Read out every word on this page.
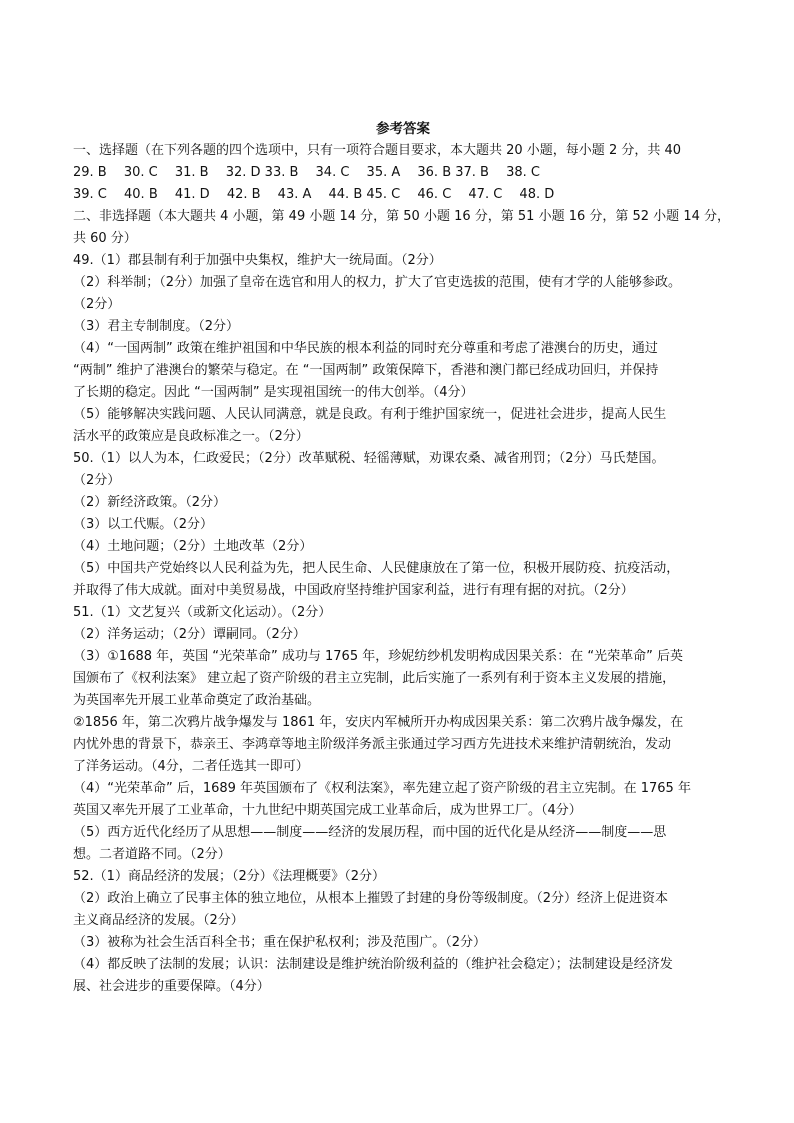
参考答案
一、选择题（在下列各题的四个选项中，只有一项符合题目要求，本大题共 20 小题，每小题 2 分，共 40
29. B　 30. C　 31. B　 32. D 33. B　 34. C　 35. A　 36. B 37. B　 38. C
39. C　 40. B　 41. D　 42. B　 43. A　 44. B 45. C　 46. C　 47. C　 48. D
二、非选择题（本大题共 4 小题，第 49 小题 14 分，第 50 小题 16 分，第 51 小题 16 分，第 52 小题 14 分，
共 60 分）
49.（1）郡县制有利于加强中央集权，维护大一统局面。（2分）
（2）科举制；（2分）加强了皇帝在选官和用人的权力，扩大了官吏选拔的范围，使有才学的人能够参政。
（2分）
（3）君主专制制度。（2分）
（4）“一国两制” 政策在维护祖国和中华民族的根本利益的同时充分尊重和考虑了港澳台的历史，通过
“两制” 维护了港澳台的繁荣与稳定。在 “一国两制” 政策保障下，香港和澳门都已经成功回归，并保持
了长期的稳定。因此 “一国两制” 是实现祖国统一的伟大创举。（4分）
（5）能够解决实践问题、人民认同满意，就是良政。有利于维护国家统一，促进社会进步，提高人民生
活水平的政策应是良政标准之一。（2分）
50.（1）以人为本，仁政爱民；（2分）改革赋税、轻徭薄赋，劝课农桑、减省刑罚；（2分）马氏楚国。
（2分）
（2）新经济政策。（2分）
（3）以工代赈。（2分）
（4）土地问题；（2分）土地改革（2分）
（5）中国共产党始终以人民利益为先，把人民生命、人民健康放在了第一位，积极开展防疫、抗疫活动，
并取得了伟大成就。面对中美贸易战，中国政府坚持维护国家利益，进行有理有据的对抗。（2分）
51.（1）文艺复兴（或新文化运动）。（2分）
（2）洋务运动；（2分）谭嗣同。（2分）
（3）①1688 年，英国 “光荣革命” 成功与 1765 年，珍妮纺纱机发明构成因果关系：在 “光荣革命” 后英
国颁布了《权利法案》 建立起了资产阶级的君主立宪制，此后实施了一系列有利于资本主义发展的措施，
为英国率先开展工业革命奠定了政治基础。
②1856 年，第二次鸦片战争爆发与 1861 年，安庆内军械所开办构成因果关系：第二次鸦片战争爆发，在
内忧外患的背景下，恭亲王、李鸿章等地主阶级洋务派主张通过学习西方先进技术来维护清朝统治，发动
了洋务运动。（4分，二者任选其一即可）
（4）“光荣革命” 后，1689 年英国颁布了《权利法案》，率先建立起了资产阶级的君主立宪制。在 1765 年
英国又率先开展了工业革命，十九世纪中期英国完成工业革命后，成为世界工厂。（4分）
（5）西方近代化经历了从思想——制度——经济的发展历程，而中国的近代化是从经济——制度——思
想。二者道路不同。（2分）
52.（1）商品经济的发展；（2分）《法理概要》（2分）
（2）政治上确立了民事主体的独立地位，从根本上摧毁了封建的身份等级制度。（2分）经济上促进资本
主义商品经济的发展。（2分）
（3）被称为社会生活百科全书；重在保护私权利；涉及范围广。（2分）
（4）都反映了法制的发展；认识：法制建设是维护统治阶级利益的（维护社会稳定）；法制建设是经济发
展、社会进步的重要保障。（4分）
